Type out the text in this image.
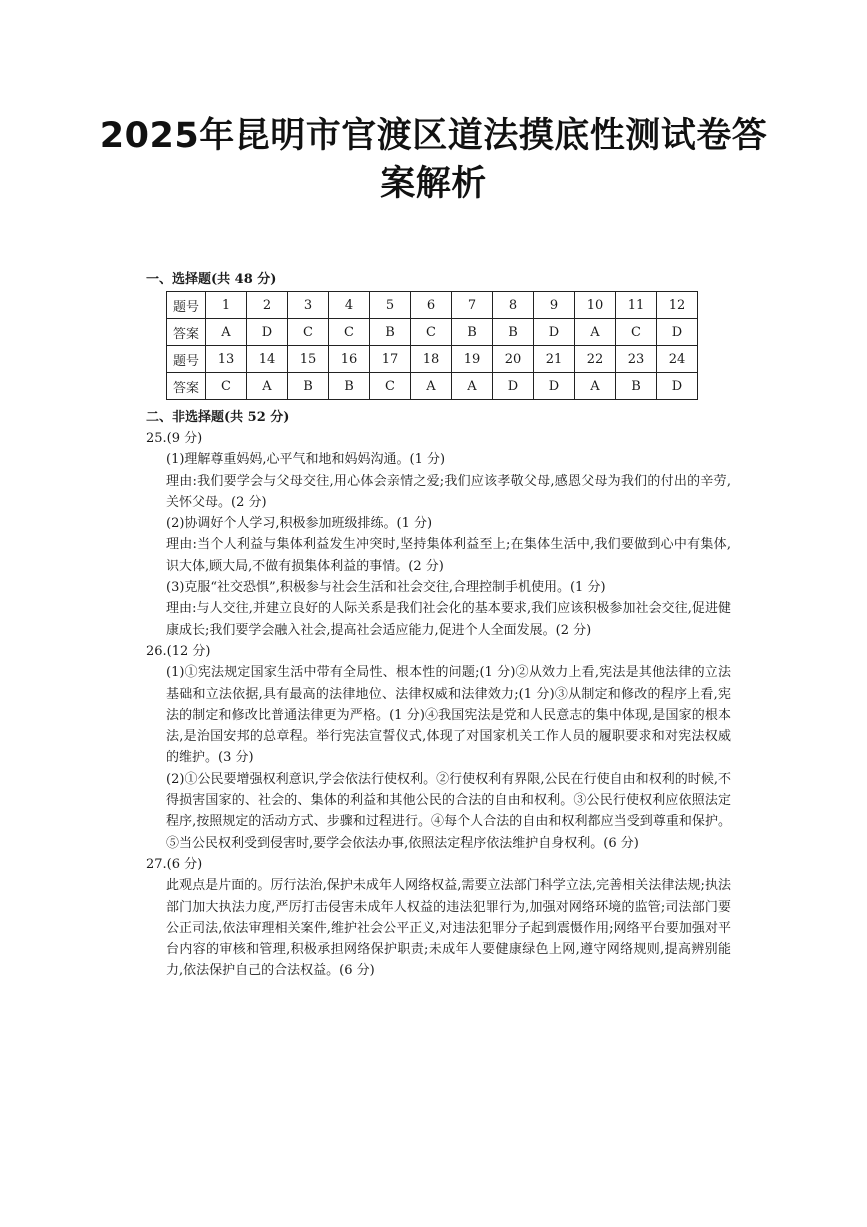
2025年昆明市官渡区道法摸底性测试卷答
案解析
一、选择题(共 48 分)
题号	1	2	3	4	5	6	7	8	9	10	11	12
答案	A	D	C	C	B	C	B	B	D	A	C	D
题号	13	14	15	16	17	18	19	20	21	22	23	24
答案	C	A	B	B	C	A	A	D	D	A	B	D
二、非选择题(共 52 分)
25.(9 分)
(1)理解尊重妈妈,心平气和地和妈妈沟通。(1 分)
理由:我们要学会与父母交往,用心体会亲情之爱;我们应该孝敬父母,感恩父母为我们的付出的辛劳,关怀父母。(2 分)
(2)协调好个人学习,积极参加班级排练。(1 分)
理由:当个人利益与集体利益发生冲突时,坚持集体利益至上;在集体生活中,我们要做到心中有集体,识大体,顾大局,不做有损集体利益的事情。(2 分)
(3)克服“社交恐惧”,积极参与社会生活和社会交往,合理控制手机使用。(1 分)
理由:与人交往,并建立良好的人际关系是我们社会化的基本要求,我们应该积极参加社会交往,促进健康成长;我们要学会融入社会,提高社会适应能力,促进个人全面发展。(2 分)
26.(12 分)
(1)①宪法规定国家生活中带有全局性、根本性的问题;(1 分)②从效力上看,宪法是其他法律的立法基础和立法依据,具有最高的法律地位、法律权威和法律效力;(1 分)③从制定和修改的程序上看,宪法的制定和修改比普通法律更为严格。(1 分)④我国宪法是党和人民意志的集中体现,是国家的根本法,是治国安邦的总章程。举行宪法宣誓仪式,体现了对国家机关工作人员的履职要求和对宪法权威的维护。(3 分)
(2)①公民要增强权利意识,学会依法行使权利。②行使权利有界限,公民在行使自由和权利的时候,不得损害国家的、社会的、集体的利益和其他公民的合法的自由和权利。③公民行使权利应依照法定程序,按照规定的活动方式、步骤和过程进行。④每个人合法的自由和权利都应当受到尊重和保护。⑤当公民权利受到侵害时,要学会依法办事,依照法定程序依法维护自身权利。(6 分)
27.(6 分)
此观点是片面的。厉行法治,保护未成年人网络权益,需要立法部门科学立法,完善相关法律法规;执法部门加大执法力度,严厉打击侵害未成年人权益的违法犯罪行为,加强对网络环境的监管;司法部门要公正司法,依法审理相关案件,维护社会公平正义,对违法犯罪分子起到震慑作用;网络平台要加强对平台内容的审核和管理,积极承担网络保护职责;未成年人要健康绿色上网,遵守网络规则,提高辨别能力,依法保护自己的合法权益。(6 分)
